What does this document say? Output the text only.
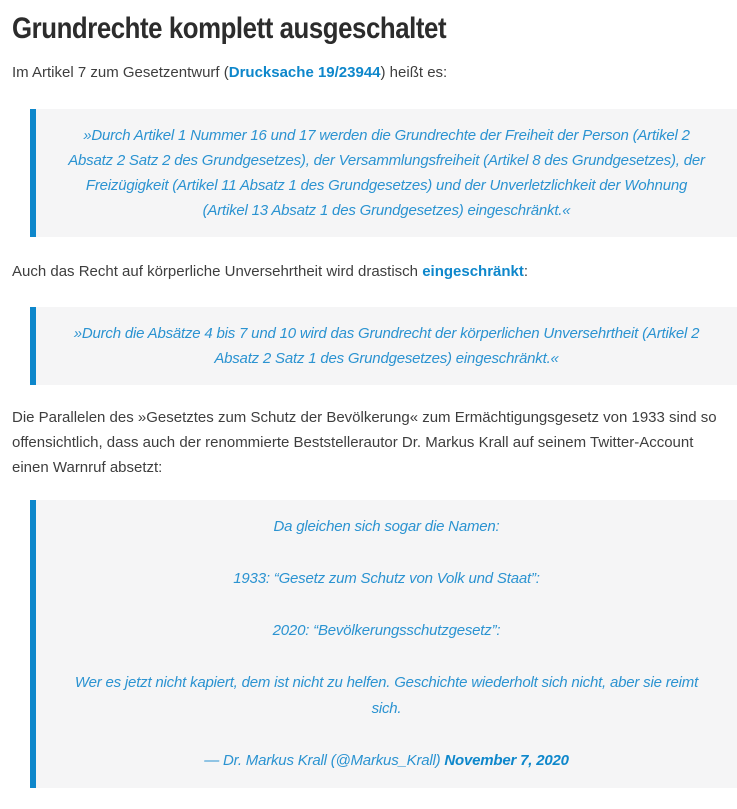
Grundrechte komplett ausgeschaltet

Im Artikel 7 zum Gesetzentwurf (Drucksache 19/23944) heißt es:

»Durch Artikel 1 Nummer 16 und 17 werden die Grundrechte der Freiheit der Person (Artikel 2
Absatz 2 Satz 2 des Grundgesetzes), der Versammlungsfreiheit (Artikel 8 des Grundgesetzes), der
Freizügigkeit (Artikel 11 Absatz 1 des Grundgesetzes) und der Unverletzlichkeit der Wohnung
(Artikel 13 Absatz 1 des Grundgesetzes) eingeschränkt.«

Auch das Recht auf körperliche Unversehrtheit wird drastisch eingeschränkt:

»Durch die Absätze 4 bis 7 und 10 wird das Grundrecht der körperlichen Unversehrtheit (Artikel 2
Absatz 2 Satz 1 des Grundgesetzes) eingeschränkt.«
Die Parallelen des »Gesetztes zum Schutz der Bevölkerung« zum Ermächtigungsgesetz von 1933 sind so
offensichtlich, dass auch der renommierte Beststellerautor Dr. Markus Krall auf seinem Twitter-Account
einen Warnruf absetzt:
Da gleichen sich sogar die Namen:
1933: “Gesetz zum Schutz von Volk und Staat”:
2020: “Bevölkerungsschutzgesetz”:
Wer es jetzt nicht kapiert, dem ist nicht zu helfen. Geschichte wiederholt sich nicht, aber sie reimt
sich.
— Dr. Markus Krall (@Markus_Krall) November 7, 2020
